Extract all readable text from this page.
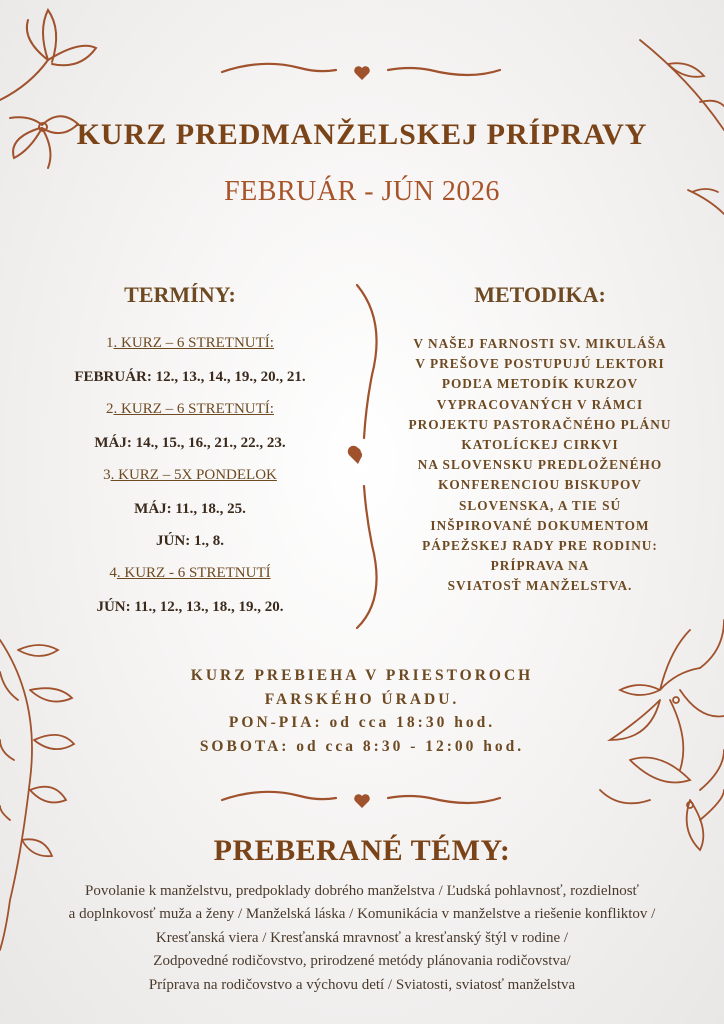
KURZ PREDMANŽELSKEJ PRÍPRAVY
FEBRUÁR - JÚN 2026
TERMÍNY:	METODIKA:
1. KURZ – 6 STRETNUTÍ:
FEBRUÁR: 12., 13., 14., 19., 20., 21.
2. KURZ – 6 STRETNUTÍ:
MÁJ: 14., 15., 16., 21., 22., 23.
3. KURZ – 5X PONDELOK
MÁJ: 11., 18., 25.
JÚN: 1., 8.
4. KURZ - 6 STRETNUTÍ
JÚN: 11., 12., 13., 18., 19., 20.
V NAŠEJ FARNOSTI SV. MIKULÁŠA
V PREŠOVE POSTUPUJÚ LEKTORI
PODĽA METODÍK KURZOV
VYPRACOVANÝCH V RÁMCI
PROJEKTU PASTORAČNÉHO PLÁNU
KATOLÍCKEJ CIRKVI
NA SLOVENSKU PREDLOŽENÉHO
KONFERENCIOU BISKUPOV
SLOVENSKA, A TIE SÚ
INŠPIROVANÉ DOKUMENTOM
PÁPEŽSKEJ RADY PRE RODINU:
PRÍPRAVA NA
SVIATOSŤ MANŽELSTVA.
KURZ PREBIEHA V PRIESTOROCH
FARSKÉHO ÚRADU.
PON-PIA: od cca 18:30 hod.
SOBOTA: od cca 8:30 - 12:00 hod.
PREBERANÉ TÉMY:
Povolanie k manželstvu, predpoklady dobrého manželstva / Ľudská pohlavnosť, rozdielnosť
a doplnkovosť muža a ženy / Manželská láska / Komunikácia v manželstve a riešenie konfliktov /
Kresťanská viera / Kresťanská mravnosť a kresťanský štýl v rodine /
Zodpovedné rodičovstvo, prirodzené metódy plánovania rodičovstva/
Príprava na rodičovstvo a výchovu detí / Sviatosti, sviatosť manželstva
